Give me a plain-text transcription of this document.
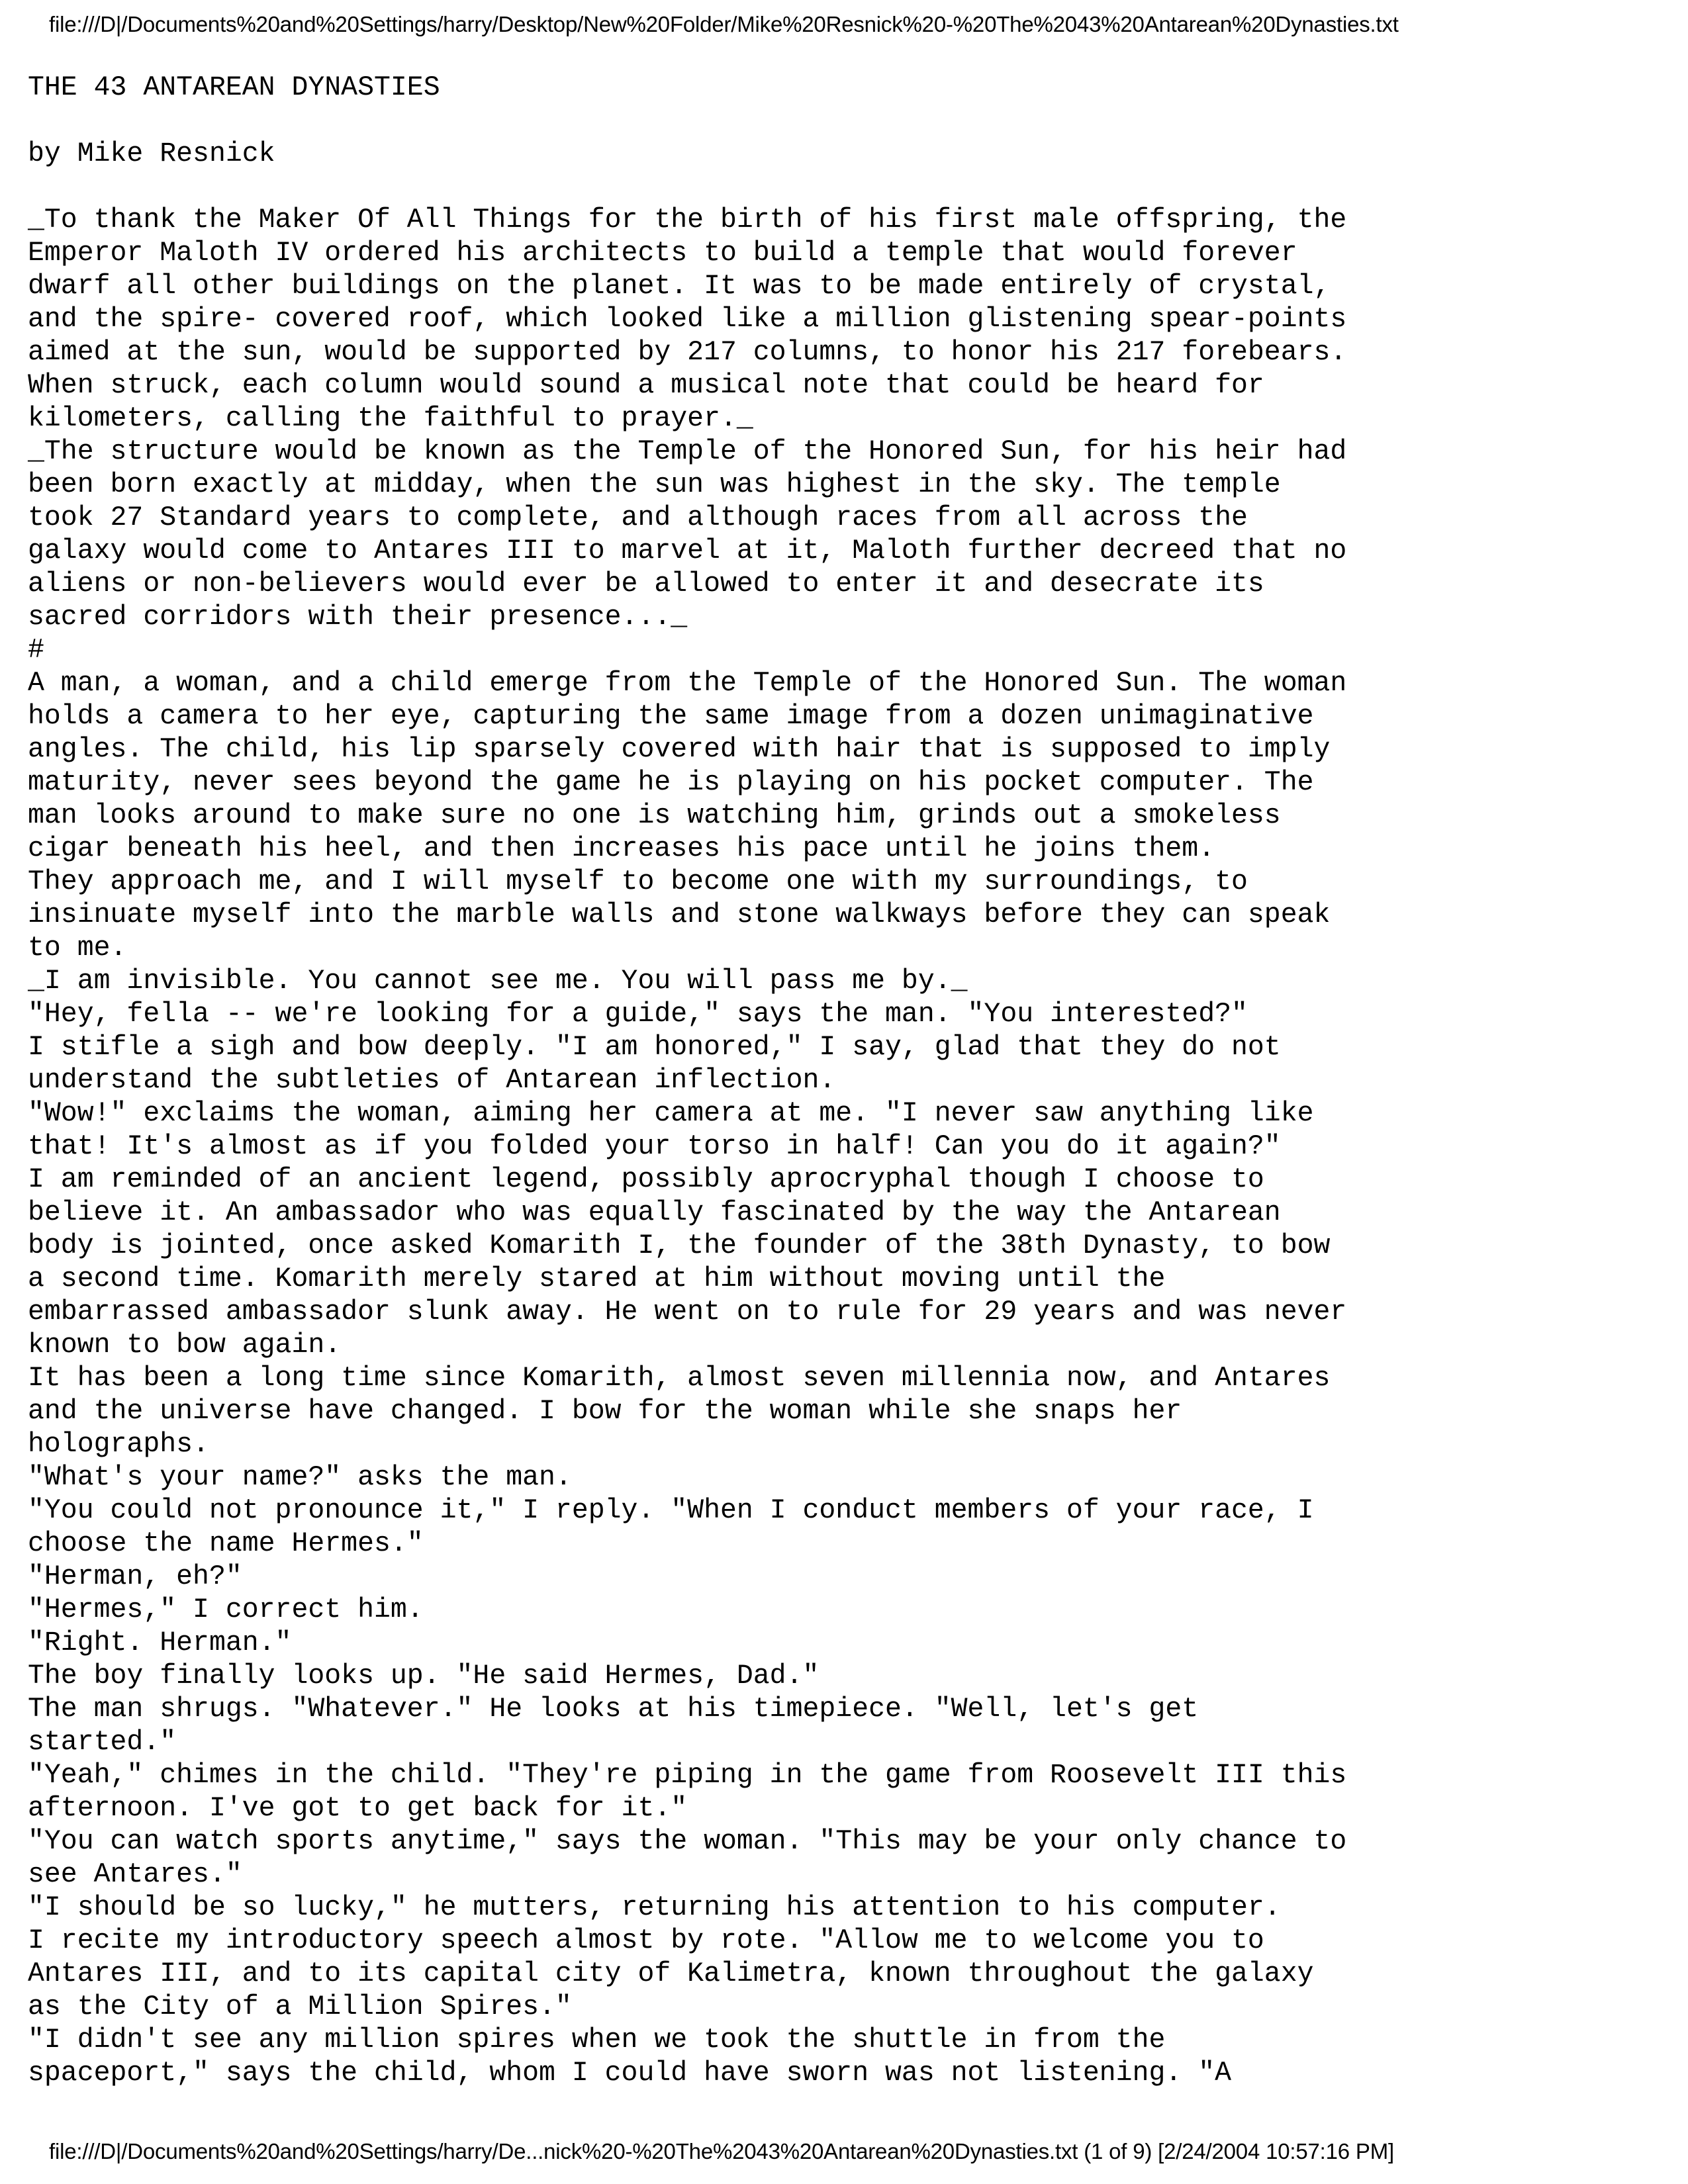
file:///D|/Documents%20and%20Settings/harry/Desktop/New%20Folder/Mike%20Resnick%20-%20The%2043%20Antarean%20Dynasties.txt
THE 43 ANTAREAN DYNASTIES
by Mike Resnick
_To thank the Maker Of All Things for the birth of his first male offspring, the
Emperor Maloth IV ordered his architects to build a temple that would forever
dwarf all other buildings on the planet. It was to be made entirely of crystal,
and the spire- covered roof, which looked like a million glistening spear-points
aimed at the sun, would be supported by 217 columns, to honor his 217 forebears.
When struck, each column would sound a musical note that could be heard for
kilometers, calling the faithful to prayer._
_The structure would be known as the Temple of the Honored Sun, for his heir had
been born exactly at midday, when the sun was highest in the sky. The temple
took 27 Standard years to complete, and although races from all across the
galaxy would come to Antares III to marvel at it, Maloth further decreed that no
aliens or non-believers would ever be allowed to enter it and desecrate its
sacred corridors with their presence..._
#
A man, a woman, and a child emerge from the Temple of the Honored Sun. The woman
holds a camera to her eye, capturing the same image from a dozen unimaginative
angles. The child, his lip sparsely covered with hair that is supposed to imply
maturity, never sees beyond the game he is playing on his pocket computer. The
man looks around to make sure no one is watching him, grinds out a smokeless
cigar beneath his heel, and then increases his pace until he joins them.
They approach me, and I will myself to become one with my surroundings, to
insinuate myself into the marble walls and stone walkways before they can speak
to me.
_I am invisible. You cannot see me. You will pass me by._
"Hey, fella -- we're looking for a guide," says the man. "You interested?"
I stifle a sigh and bow deeply. "I am honored," I say, glad that they do not
understand the subtleties of Antarean inflection.
"Wow!" exclaims the woman, aiming her camera at me. "I never saw anything like
that! It's almost as if you folded your torso in half! Can you do it again?"
I am reminded of an ancient legend, possibly aprocryphal though I choose to
believe it. An ambassador who was equally fascinated by the way the Antarean
body is jointed, once asked Komarith I, the founder of the 38th Dynasty, to bow
a second time. Komarith merely stared at him without moving until the
embarrassed ambassador slunk away. He went on to rule for 29 years and was never
known to bow again.
It has been a long time since Komarith, almost seven millennia now, and Antares
and the universe have changed. I bow for the woman while she snaps her
holographs.
"What's your name?" asks the man.
"You could not pronounce it," I reply. "When I conduct members of your race, I
choose the name Hermes."
"Herman, eh?"
"Hermes," I correct him.
"Right. Herman."
The boy finally looks up. "He said Hermes, Dad."
The man shrugs. "Whatever." He looks at his timepiece. "Well, let's get
started."
"Yeah," chimes in the child. "They're piping in the game from Roosevelt III this
afternoon. I've got to get back for it."
"You can watch sports anytime," says the woman. "This may be your only chance to
see Antares."
"I should be so lucky," he mutters, returning his attention to his computer.
I recite my introductory speech almost by rote. "Allow me to welcome you to
Antares III, and to its capital city of Kalimetra, known throughout the galaxy
as the City of a Million Spires."
"I didn't see any million spires when we took the shuttle in from the
spaceport," says the child, whom I could have sworn was not listening. "A
file:///D|/Documents%20and%20Settings/harry/De...nick%20-%20The%2043%20Antarean%20Dynasties.txt (1 of 9) [2/24/2004 10:57:16 PM]
